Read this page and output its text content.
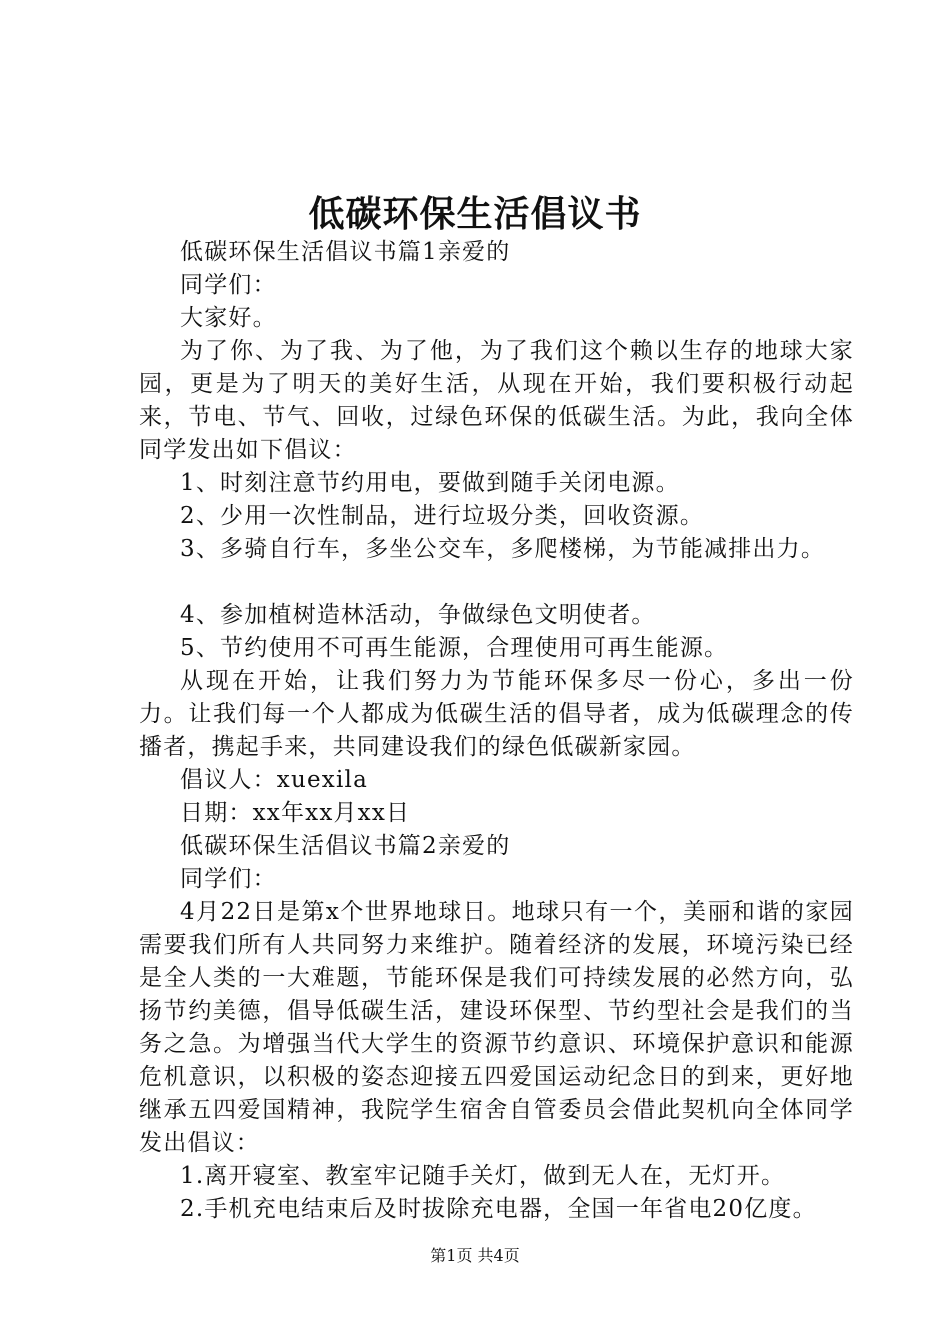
低碳环保生活倡议书

低碳环保生活倡议书篇1亲爱的

同学们：

大家好。

为了你、为了我、为了他，为了我们这个赖以生存的地球大家园，更是为了明天的美好生活，从现在开始，我们要积极行动起来，节电、节气、回收，过绿色环保的低碳生活。为此，我向全体同学发出如下倡议：

1、时刻注意节约用电，要做到随手关闭电源。

2、少用一次性制品，进行垃圾分类，回收资源。

3、多骑自行车，多坐公交车，多爬楼梯，为节能减排出力。

4、参加植树造林活动，争做绿色文明使者。

5、节约使用不可再生能源，合理使用可再生能源。

从现在开始，让我们努力为节能环保多尽一份心，多出一份力。让我们每一个人都成为低碳生活的倡导者，成为低碳理念的传播者，携起手来，共同建设我们的绿色低碳新家园。

倡议人：xuexila

日期：xx年xx月xx日

低碳环保生活倡议书篇2亲爱的

同学们：

4月22日是第x个世界地球日。地球只有一个，美丽和谐的家园需要我们所有人共同努力来维护。随着经济的发展，环境污染已经是全人类的一大难题，节能环保是我们可持续发展的必然方向，弘扬节约美德，倡导低碳生活，建设环保型、节约型社会是我们的当务之急。为增强当代大学生的资源节约意识、环境保护意识和能源危机意识，以积极的姿态迎接五四爱国运动纪念日的到来，更好地继承五四爱国精神，我院学生宿舍自管委员会借此契机向全体同学发出倡议：

1.离开寝室、教室牢记随手关灯，做到无人在，无灯开。

2.手机充电结束后及时拔除充电器，全国一年省电20亿度。

第1页 共4页
